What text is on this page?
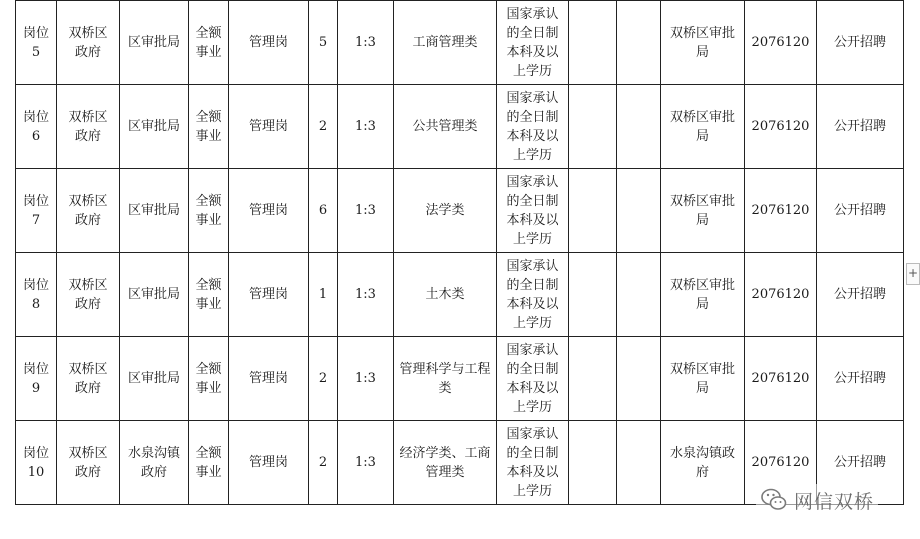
岗位 5	双桥区
政府	区审批局	全额
事业	管理岗	5	1:3	工商管理类	国家承认
的全日制
本科及以
上学历			双桥区审批
局	2076120	公开招聘
岗位 6	双桥区
政府	区审批局	全额
事业	管理岗	2	1:3	公共管理类	国家承认
的全日制
本科及以
上学历			双桥区审批
局	2076120	公开招聘
岗位 7	双桥区
政府	区审批局	全额
事业	管理岗	6	1:3	法学类	国家承认
的全日制
本科及以
上学历			双桥区审批
局	2076120	公开招聘
岗位 8	双桥区
政府	区审批局	全额
事业	管理岗	1	1:3	土木类	国家承认
的全日制
本科及以
上学历			双桥区审批
局	2076120	公开招聘
岗位 9	双桥区
政府	区审批局	全额
事业	管理岗	2	1:3	管理科学与工程
类	国家承认
的全日制
本科及以
上学历			双桥区审批
局	2076120	公开招聘
岗位 10	双桥区
政府	水泉沟镇
政府	全额
事业	管理岗	2	1:3	经济学类、工商
管理类	国家承认
的全日制
本科及以
上学历			水泉沟镇政
府	2076120	公开招聘
+
网信双桥
